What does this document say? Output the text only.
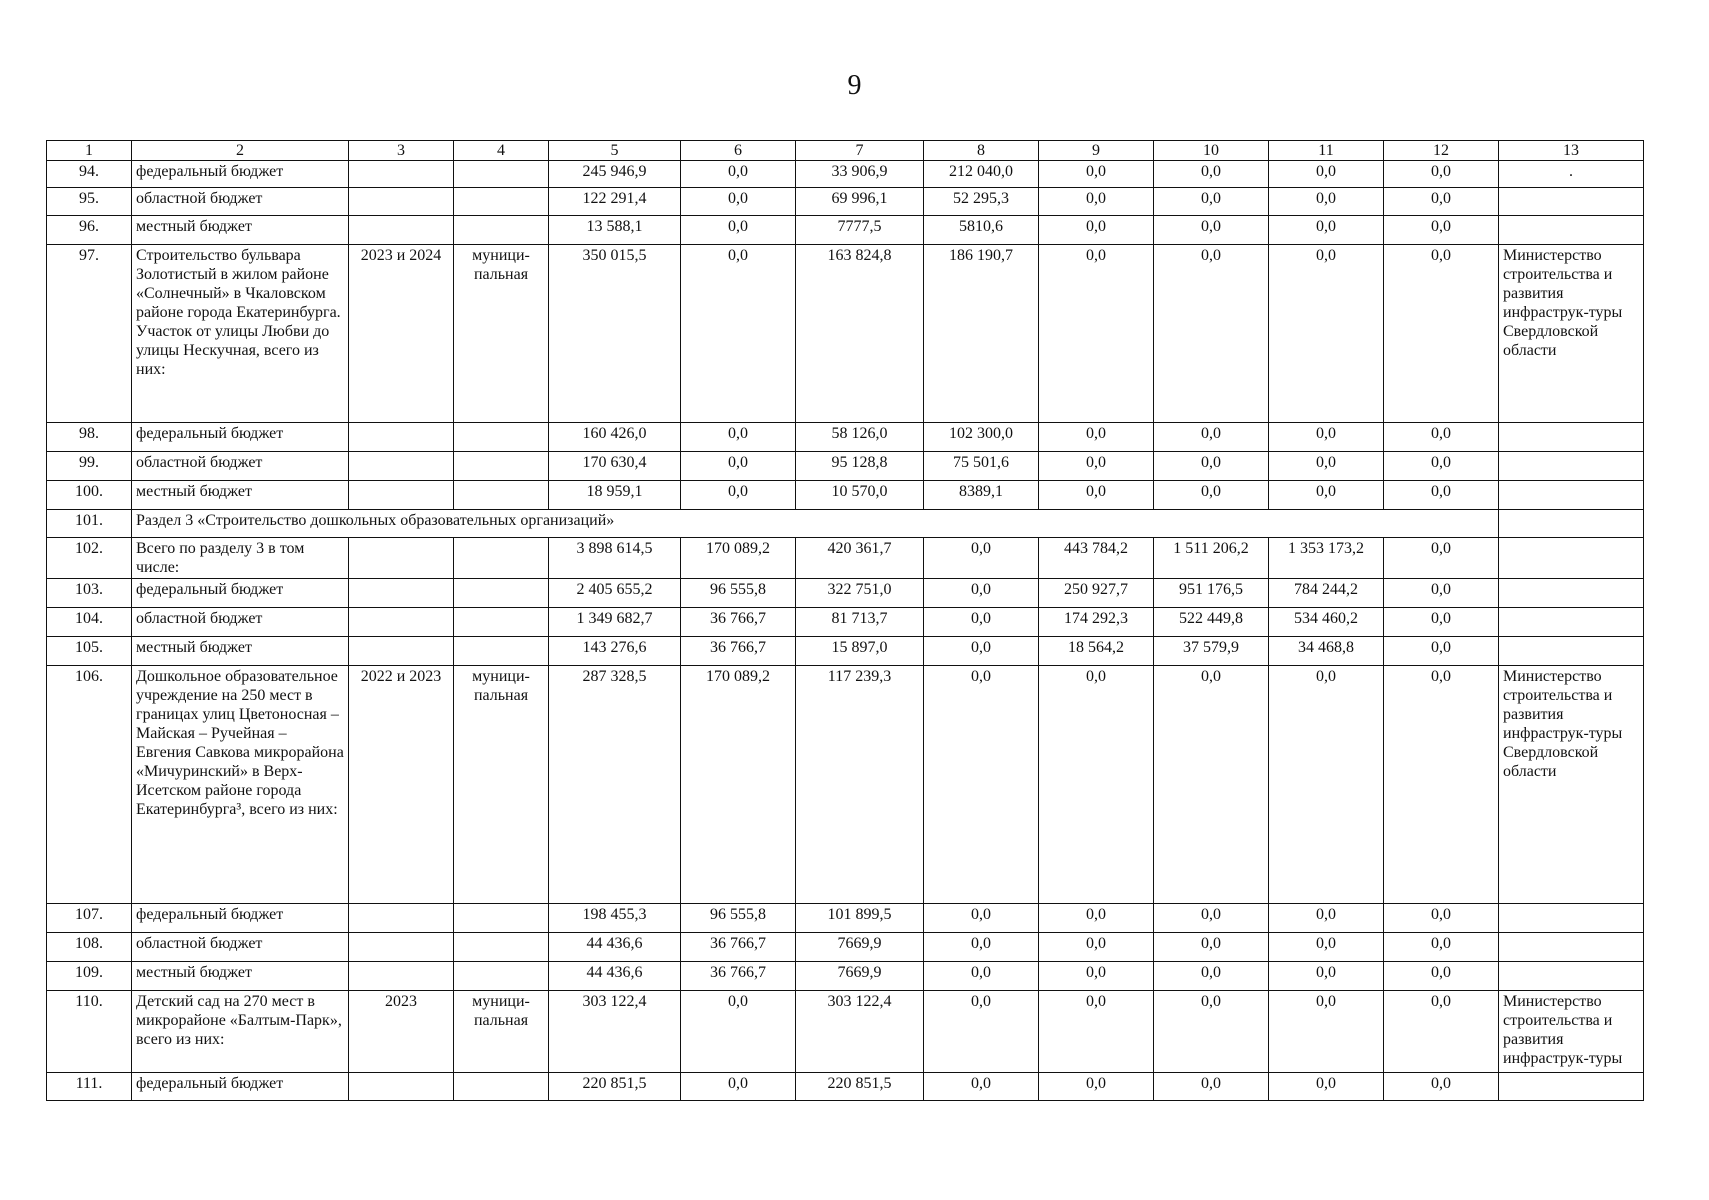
9
1	2	3	4	5	6	7	8	9	10	11	12	13
94.	федеральный бюджет			245 946,9	0,0	33 906,9	212 040,0	0,0	0,0	0,0	0,0	.
95.	областной бюджет			122 291,4	0,0	69 996,1	52 295,3	0,0	0,0	0,0	0,0	
96.	местный бюджет			13 588,1	0,0	7777,5	5810,6	0,0	0,0	0,0	0,0	
97.	Строительство бульвара Золотистый в жилом районе «Солнечный» в Чкаловском районе города Екатеринбурга. Участок от улицы Любви до улицы Нескучная, всего из них:	2023 и 2024	муници-пальная	350 015,5	0,0	163 824,8	186 190,7	0,0	0,0	0,0	0,0	Министерство строительства и развития инфраструк-туры Свердловской области
98.	федеральный бюджет			160 426,0	0,0	58 126,0	102 300,0	0,0	0,0	0,0	0,0	
99.	областной бюджет			170 630,4	0,0	95 128,8	75 501,6	0,0	0,0	0,0	0,0	
100.	местный бюджет			18 959,1	0,0	10 570,0	8389,1	0,0	0,0	0,0	0,0	
101.	Раздел 3 «Строительство дошкольных образовательных организаций»											
102.	Всего по разделу 3 в том числе:			3 898 614,5	170 089,2	420 361,7	0,0	443 784,2	1 511 206,2	1 353 173,2	0,0	
103.	федеральный бюджет			2 405 655,2	96 555,8	322 751,0	0,0	250 927,7	951 176,5	784 244,2	0,0	
104.	областной бюджет			1 349 682,7	36 766,7	81 713,7	0,0	174 292,3	522 449,8	534 460,2	0,0	
105.	местный бюджет			143 276,6	36 766,7	15 897,0	0,0	18 564,2	37 579,9	34 468,8	0,0	
106.	Дошкольное образовательное учреждение на 250 мест в границах улиц Цветоносная – Майская – Ручейная – Евгения Савкова микрорайона «Мичуринский» в Верх-Исетском районе города Екатеринбурга³, всего из них:	2022 и 2023	муници-пальная	287 328,5	170 089,2	117 239,3	0,0	0,0	0,0	0,0	0,0	Министерство строительства и развития инфраструк-туры Свердловской области
107.	федеральный бюджет			198 455,3	96 555,8	101 899,5	0,0	0,0	0,0	0,0	0,0	
108.	областной бюджет			44 436,6	36 766,7	7669,9	0,0	0,0	0,0	0,0	0,0	
109.	местный бюджет			44 436,6	36 766,7	7669,9	0,0	0,0	0,0	0,0	0,0	
110.	Детский сад на 270 мест в микрорайоне «Балтым-Парк», всего из них:	2023	муници-пальная	303 122,4	0,0	303 122,4	0,0	0,0	0,0	0,0	0,0	Министерство строительства и развития инфраструк-туры
111.	федеральный бюджет			220 851,5	0,0	220 851,5	0,0	0,0	0,0	0,0	0,0	
